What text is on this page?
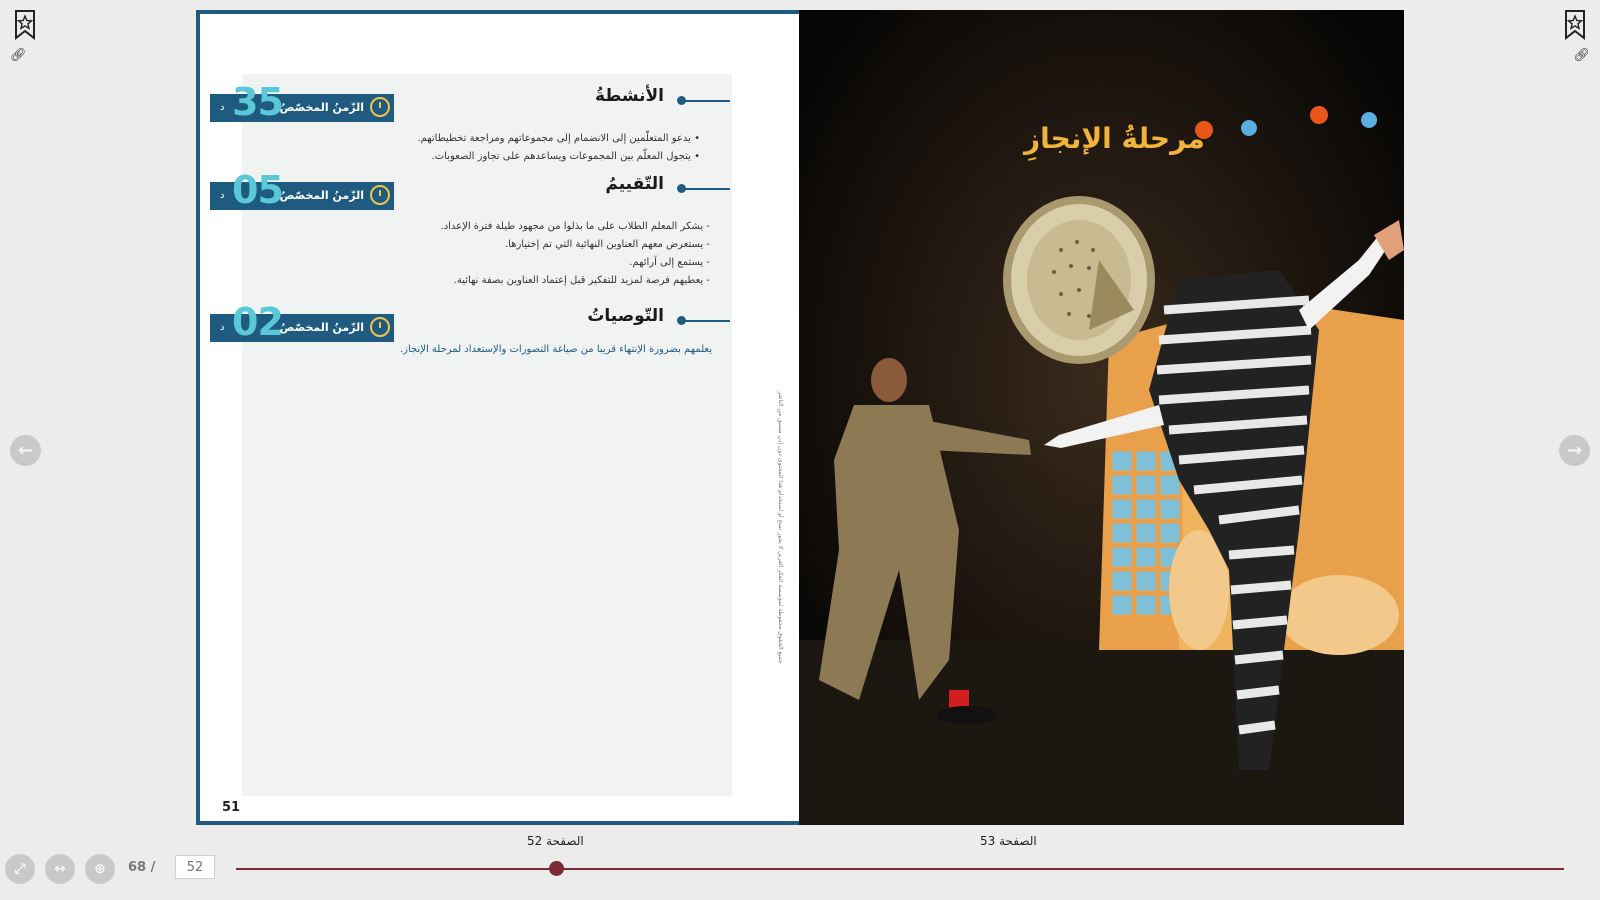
🔗︎	🔗︎
←	→
الأنشطةُ
د 35
الزّمنُ المخصّصُ
• يدعو المتعلّمين إلى الانضمام إلى مجموعاتهم ومراجعة تخطيطاتهم.
• يتجول المعلّم بين المجموعات ويساعدهم على تجاوز الصعوبات.
التّقييمُ
د 05
الزّمنُ المخصّصُ
- يشكر المعلم الطلاب على ما بذلوا من مجهود طيلة فترة الإعداد.
- يستعرض معهم العناوين النهائية التي تم إختيارها.
- يستمع إلى آرائهم.
- يعطيهم فرصة لمزيد للتفكير قبل إعتماد العناوين بصفة نهائية.
التّوصياتُ
د 02
الزّمنُ المخصّصُ
يعلمهم بضرورة الإنتهاء قريبا من صياغة التصورات والإستعداد لمرحلة الإنجاز.
جميع الحقوق محفوظة لمؤسسة الفكر العربي لا يجوز نسخ أو استخدام هذا المحتوى دون إذن مسبق من الناشر
51
مرحلةُ الإنجازِ
⤢ ↔ ⊕ 68 /
52
الصفحة 52	الصفحة 53
